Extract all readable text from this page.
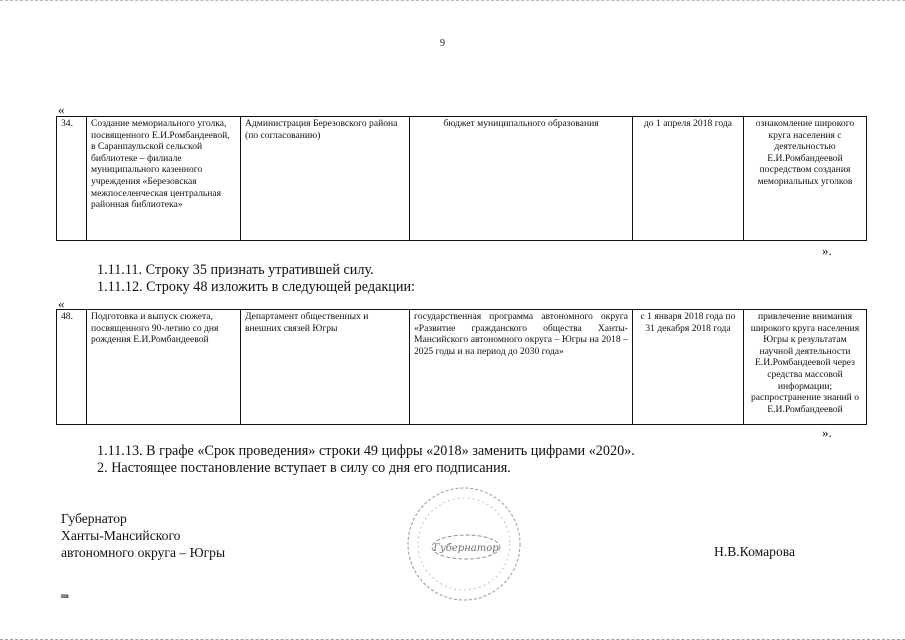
9
«
34.	Создание мемориального уголка, посвященного Е.И.Ромбандеевой, в Саранпаульской сельской библиотеке – филиале муниципального казенного учреждения «Березовская межпоселенческая центральная районная библиотека»	Администрация Березовского района (по согласованию)	бюджет муниципального образования	до 1 апреля 2018 года	ознакомление широкого круга населения с деятельностью Е.И.Ромбандеевой посредством создания мемориальных уголков
».
1.11.11. Строку 35 признать утратившей силу.
1.11.12. Строку 48 изложить в следующей редакции:
«
48.	Подготовка и выпуск сюжета, посвященного 90-летию со дня рождения Е.И.Ромбандеевой	Департамент общественных и внешних связей Югры	государственная программа автономного округа «Развитие гражданского общества Ханты-Мансийского автономного округа – Югры на 2018 – 2025 годы и на период до 2030 года»	с 1 января 2018 года по 31 декабря 2018 года	привлечение внимания широкого круга населения Югры к результатам научной деятельности Е.И.Ромбандеевой через средства массовой информации; распространение знаний о Е.И.Ромбандеевой
».
1.11.13. В графе «Срок проведения» строки 49 цифры «2018» заменить цифрами «2020».
2. Настоящее постановление вступает в силу со дня его подписания.
Губернатор
Ханты-Мансийского
автономного округа – Югры	Губернатор	Н.В.Комарова
пв
